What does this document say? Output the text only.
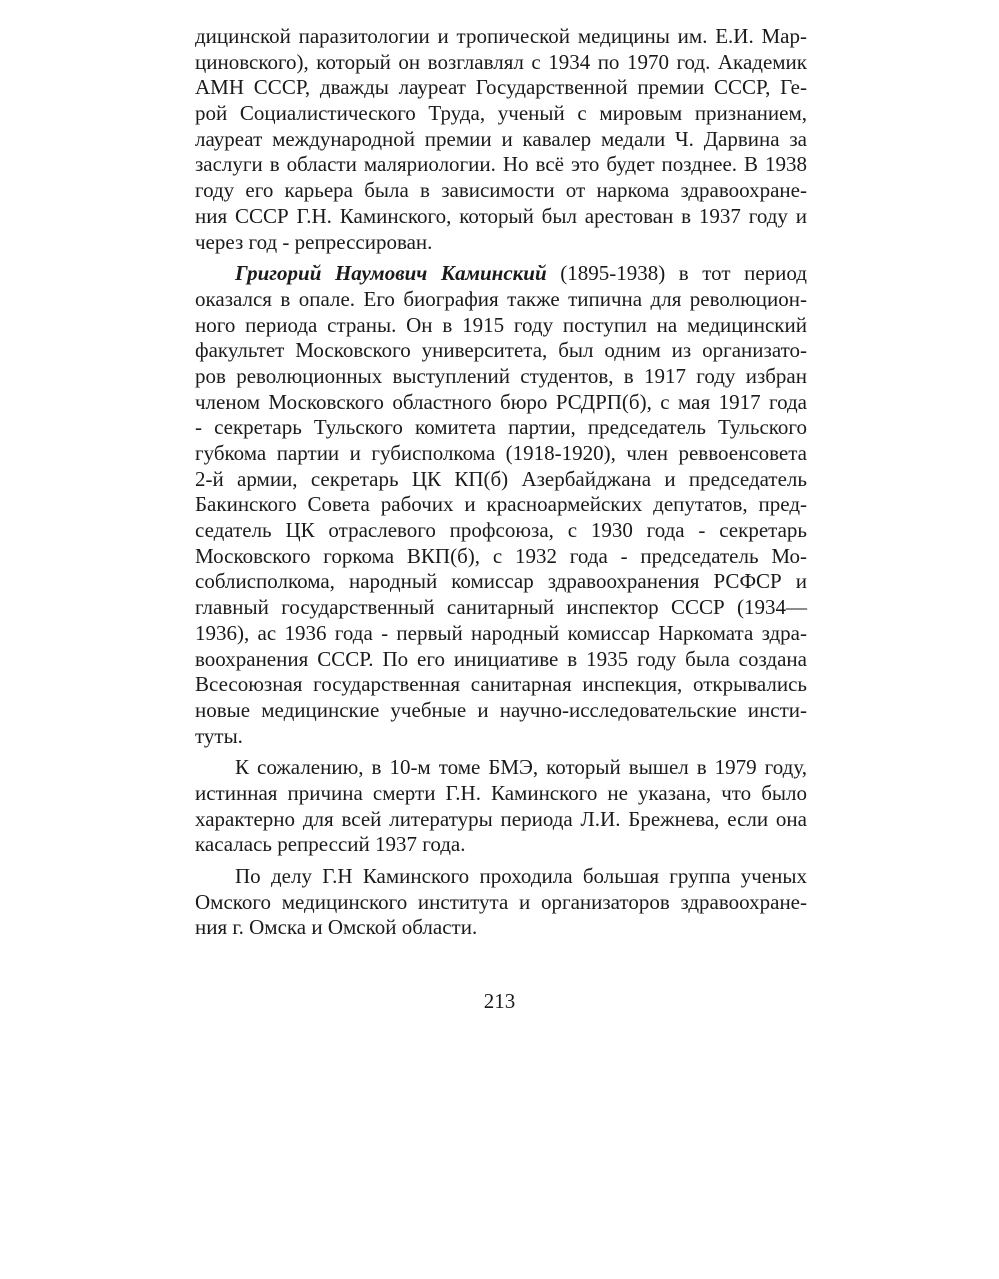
дицинской паразитологии и тропической медицины им. Е.И. Мар-
циновского), который он возглавлял с 1934 по 1970 год. Академик
АМН СССР, дважды лауреат Государственной премии СССР, Ге-
рой Социалистического Труда, ученый с мировым признанием,
лауреат международной премии и кавалер медали Ч. Дарвина за
заслуги в области маляриологии. Но всё это будет позднее. В 1938
году его карьера была в зависимости от наркома здравоохране-
ния СССР Г.Н. Каминского, который был арестован в 1937 году и
через год - репрессирован.
Григорий Наумович Каминский (1895-1938) в тот период
оказался в опале. Его биография также типична для революцион-
ного периода страны. Он в 1915 году поступил на медицинский
факультет Московского университета, был одним из организато-
ров революционных выступлений студентов, в 1917 году избран
членом Московского областного бюро РСДРП(б), с мая 1917 года
- секретарь Тульского комитета партии, председатель Тульского
губкома партии и губисполкома (1918-1920), член реввоенсовета
2-й армии, секретарь ЦК КП(б) Азербайджана и председатель
Бакинского Совета рабочих и красноармейских депутатов, пред-
седатель ЦК отраслевого профсоюза, с 1930 года - секретарь
Московского горкома ВКП(б), с 1932 года - председатель Мо-
соблисполкома, народный комиссар здравоохранения РСФСР и
главный государственный санитарный инспектор СССР (1934—
1936), ас 1936 года - первый народный комиссар Наркомата здра-
воохранения СССР. По его инициативе в 1935 году была создана
Всесоюзная государственная санитарная инспекция, открывались
новые медицинские учебные и научно-исследовательские инсти-
туты.
К сожалению, в 10-м томе БМЭ, который вышел в 1979 году,
истинная причина смерти Г.Н. Каминского не указана, что было
характерно для всей литературы периода Л.И. Брежнева, если она
касалась репрессий 1937 года.
По делу Г.Н Каминского проходила большая группа ученых
Омского медицинского института и организаторов здравоохране-
ния г. Омска и Омской области.
213
